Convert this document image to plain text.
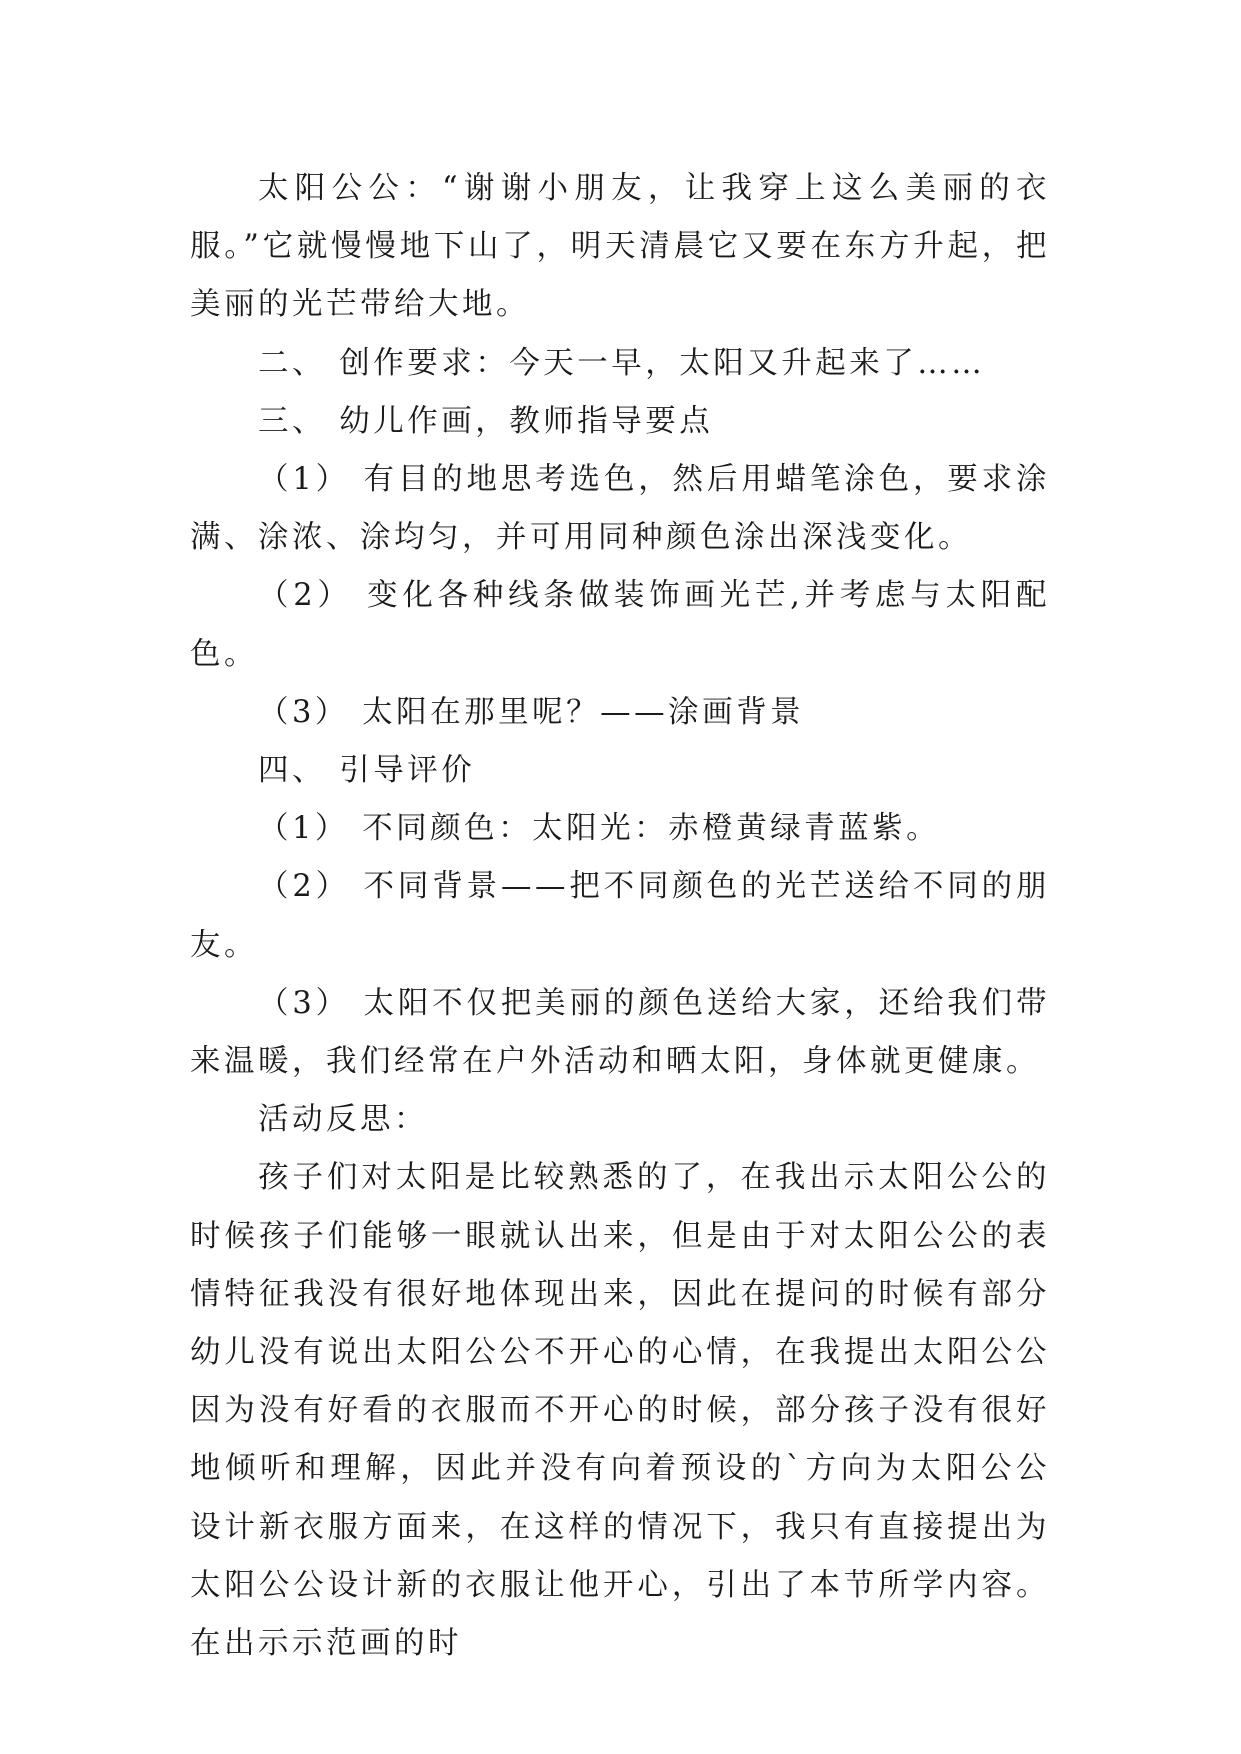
太阳公公：“谢谢小朋友，让我穿上这么美丽的衣服。”它就慢慢地下山了，明天清晨它又要在东方升起，把美丽的光芒带给大地。

二、 创作要求：今天一早，太阳又升起来了……

三、 幼儿作画，教师指导要点

（1） 有目的地思考选色，然后用蜡笔涂色，要求涂满、涂浓、涂均匀，并可用同种颜色涂出深浅变化。

（2） 变化各种线条做装饰画光芒,并考虑与太阳配色。

（3） 太阳在那里呢？——涂画背景

四、 引导评价

（1） 不同颜色：太阳光：赤橙黄绿青蓝紫。

（2） 不同背景——把不同颜色的光芒送给不同的朋友。

（3） 太阳不仅把美丽的颜色送给大家，还给我们带来温暖，我们经常在户外活动和晒太阳，身体就更健康。

活动反思：

孩子们对太阳是比较熟悉的了，在我出示太阳公公的时候孩子们能够一眼就认出来，但是由于对太阳公公的表情特征我没有很好地体现出来，因此在提问的时候有部分幼儿没有说出太阳公公不开心的心情，在我提出太阳公公因为没有好看的衣服而不开心的时候，部分孩子没有很好地倾听和理解，因此并没有向着预设的`方向为太阳公公设计新衣服方面来，在这样的情况下，我只有直接提出为太阳公公设计新的衣服让他开心，引出了本节所学内容。在出示示范画的时
